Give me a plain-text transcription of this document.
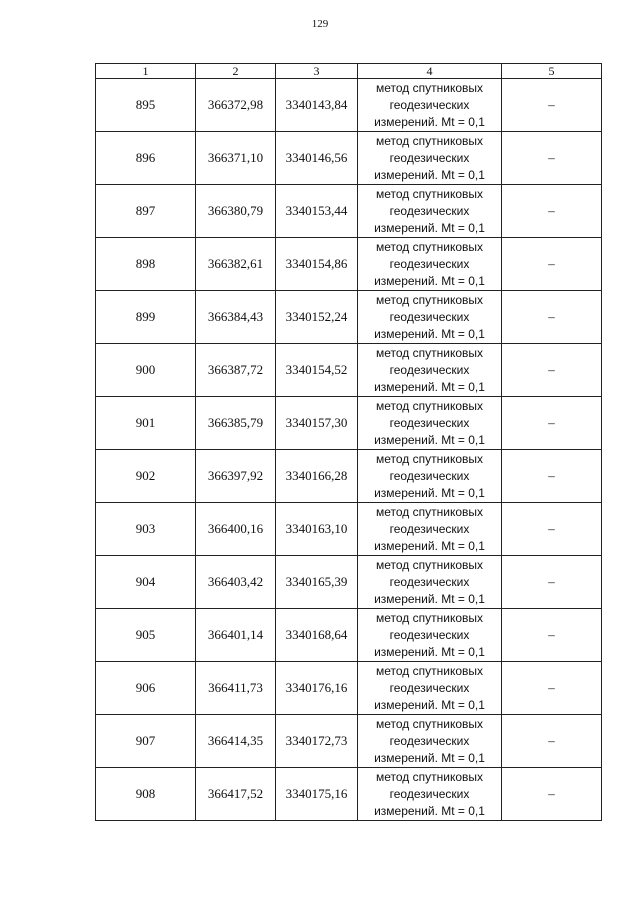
129
1	2	3	4	5
895	366372,98	3340143,84	метод спутниковых
геодезических
измерений. Mt = 0,1	–
896	366371,10	3340146,56	метод спутниковых
геодезических
измерений. Mt = 0,1	–
897	366380,79	3340153,44	метод спутниковых
геодезических
измерений. Mt = 0,1	–
898	366382,61	3340154,86	метод спутниковых
геодезических
измерений. Mt = 0,1	–
899	366384,43	3340152,24	метод спутниковых
геодезических
измерений. Mt = 0,1	–
900	366387,72	3340154,52	метод спутниковых
геодезических
измерений. Mt = 0,1	–
901	366385,79	3340157,30	метод спутниковых
геодезических
измерений. Mt = 0,1	–
902	366397,92	3340166,28	метод спутниковых
геодезических
измерений. Mt = 0,1	–
903	366400,16	3340163,10	метод спутниковых
геодезических
измерений. Mt = 0,1	–
904	366403,42	3340165,39	метод спутниковых
геодезических
измерений. Mt = 0,1	–
905	366401,14	3340168,64	метод спутниковых
геодезических
измерений. Mt = 0,1	–
906	366411,73	3340176,16	метод спутниковых
геодезических
измерений. Mt = 0,1	–
907	366414,35	3340172,73	метод спутниковых
геодезических
измерений. Mt = 0,1	–
908	366417,52	3340175,16	метод спутниковых
геодезических
измерений. Mt = 0,1	–
